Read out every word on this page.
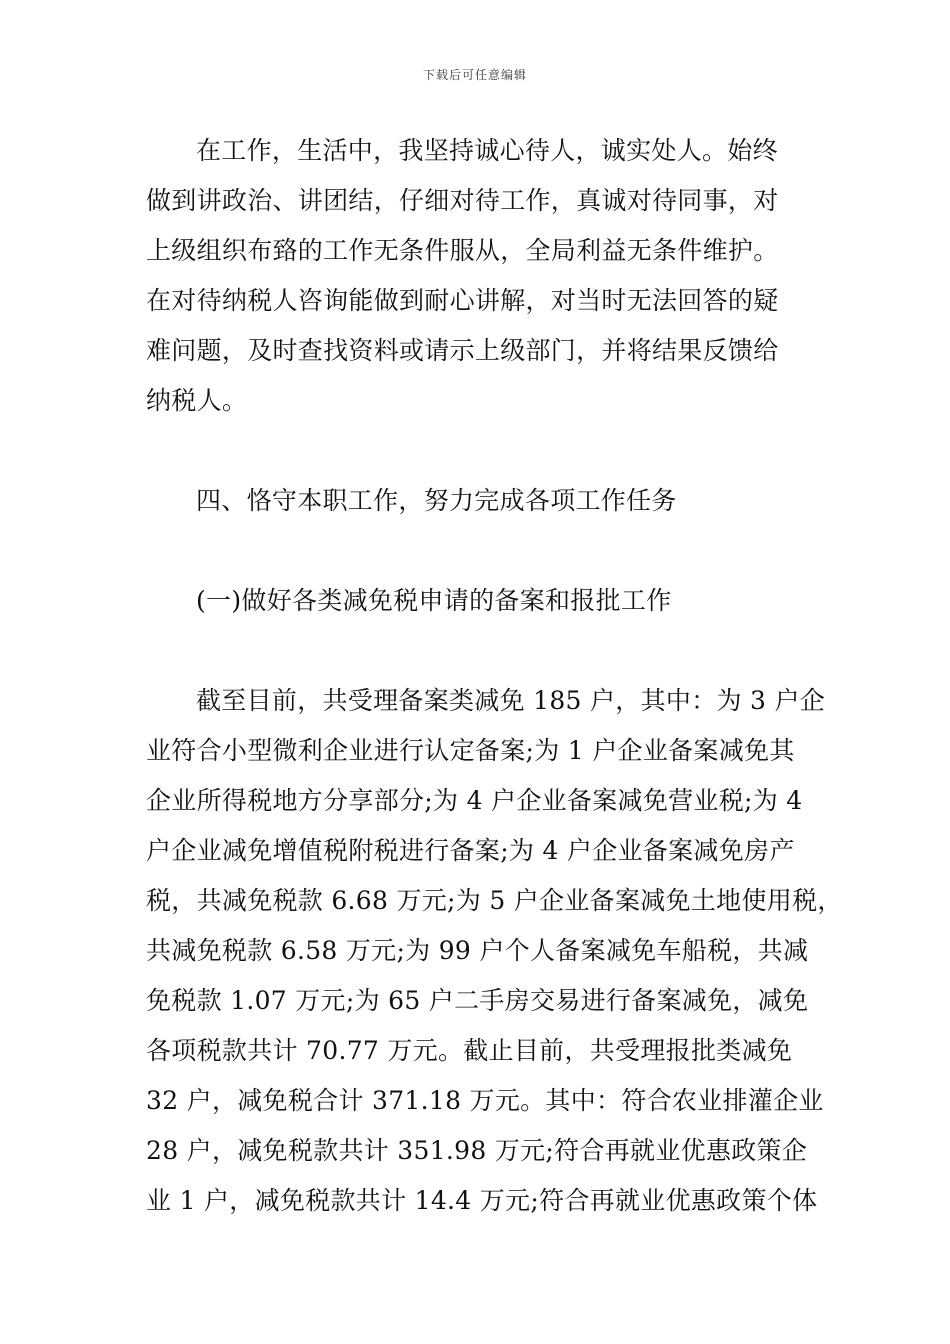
下载后可任意编辑
在工作，生活中，我坚持诚心待人，诚实处人。始终
做到讲政治、讲团结，仔细对待工作，真诚对待同事，对
上级组织布臵的工作无条件服从，全局利益无条件维护。
在对待纳税人咨询能做到耐心讲解，对当时无法回答的疑
难问题，及时查找资料或请示上级部门，并将结果反馈给
纳税人。
四、恪守本职工作，努力完成各项工作任务
(一)做好各类减免税申请的备案和报批工作
截至目前，共受理备案类减免 185 户，其中：为 3 户企
业符合小型微利企业进行认定备案;为 1 户企业备案减免其
企业所得税地方分享部分;为 4 户企业备案减免营业税;为 4
户企业减免增值税附税进行备案;为 4 户企业备案减免房产
税，共减免税款 6.68 万元;为 5 户企业备案减免土地使用税，
共减免税款 6.58 万元;为 99 户个人备案减免车船税，共减
免税款 1.07 万元;为 65 户二手房交易进行备案减免，减免
各项税款共计 70.77 万元。截止目前，共受理报批类减免
32 户，减免税合计 371.18 万元。其中：符合农业排灌企业
28 户，减免税款共计 351.98 万元;符合再就业优惠政策企
业 1 户，减免税款共计 14.4 万元;符合再就业优惠政策个体
